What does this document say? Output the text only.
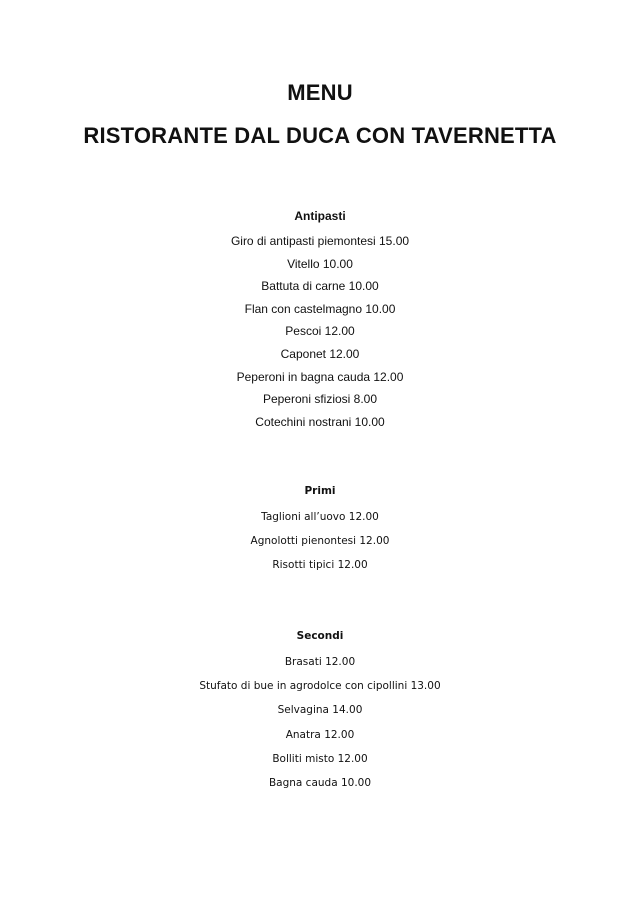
MENU
RISTORANTE DAL DUCA CON TAVERNETTA
Antipasti
Giro di antipasti piemontesi 15.00
Vitello 10.00
Battuta di carne 10.00
Flan con castelmagno 10.00
Pescoi 12.00
Caponet 12.00
Peperoni in bagna cauda 12.00
Peperoni sfiziosi 8.00
Cotechini nostrani 10.00
Primi
Taglioni all’uovo 12.00
Agnolotti pienontesi 12.00
Risotti tipici 12.00
Secondi
Brasati 12.00
Stufato di bue in agrodolce con cipollini 13.00
Selvagina 14.00
Anatra 12.00
Bolliti misto 12.00
Bagna cauda 10.00
